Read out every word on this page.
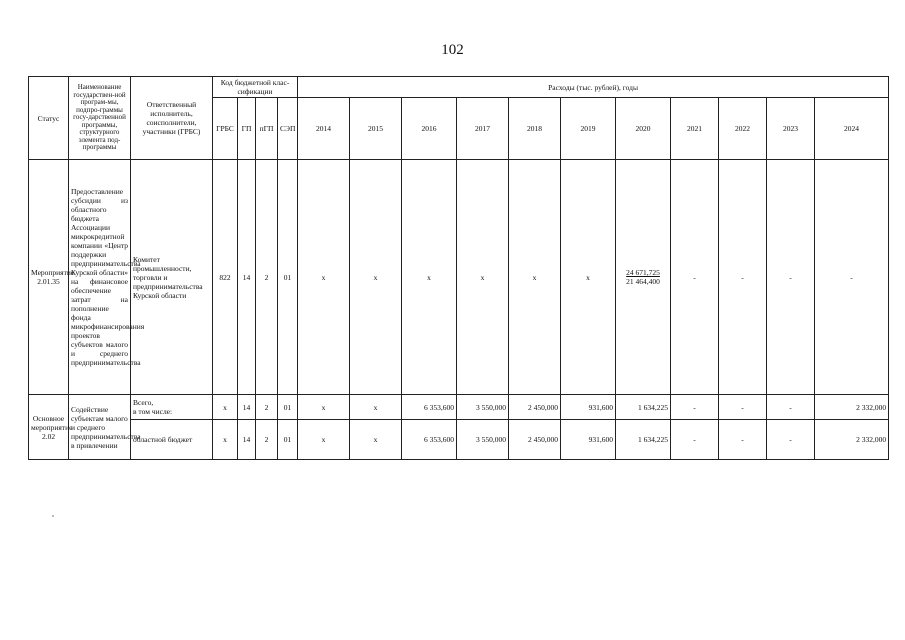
102
Статус	Наименование государствен-ной програм-мы, подпро-граммы госу-дарственной программы, структурного элемента под-программы	Ответственный исполнитель, соисполнители, участники (ГРБС)	Код бюджетной клас-сификации				Расходы (тыс. рублей), годы										
			ГРБС	ГП	пГП	СЭП	2014	2015	2016	2017	2018	2019	2020	2021	2022	2023	2024
Мероприятие 2.01.35	Предоставление субсидии из областного бюджета Ассоциации микрокредитной компании «Центр поддержки предпринимательства Курской области» на финансовое обеспечение затрат на пополнение фонда микрофинансирования проектов субъектов малого и среднего предпринимательства	Комитет промышленности, торговли и предпринимательства Курской области	822	14	2	01	x	x	x	x	x	x	24 671,725
21 464,400	-	-	-	-
Основное мероприятие 2.02	Содействие субъектам малого и среднего предпринимательства в привлечении	Всего,
в том числе:	x	14	2	01	x	x	6 353,600	3 550,000	2 450,000	931,600	1 634,225	-	-	-	2 332,000
		областной бюджет	x	14	2	01	x	x	6 353,600	3 550,000	2 450,000	931,600	1 634,225	-	-	-	2 332,000
